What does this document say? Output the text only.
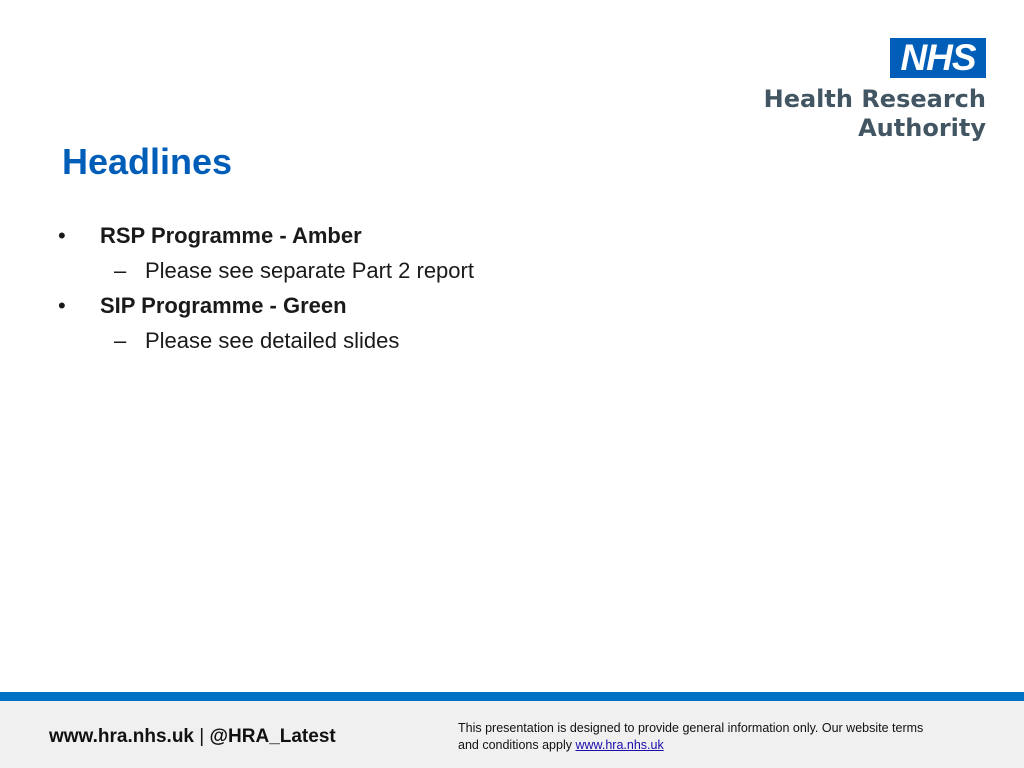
NHS
Health Research
Authority
Headlines
• RSP Programme - Amber
– Please see separate Part 2 report
• SIP Programme - Green
– Please see detailed slides
www.hra.nhs.uk | @HRA_Latest	This presentation is designed to provide general information only. Our website terms
and conditions apply www.hra.nhs.uk
